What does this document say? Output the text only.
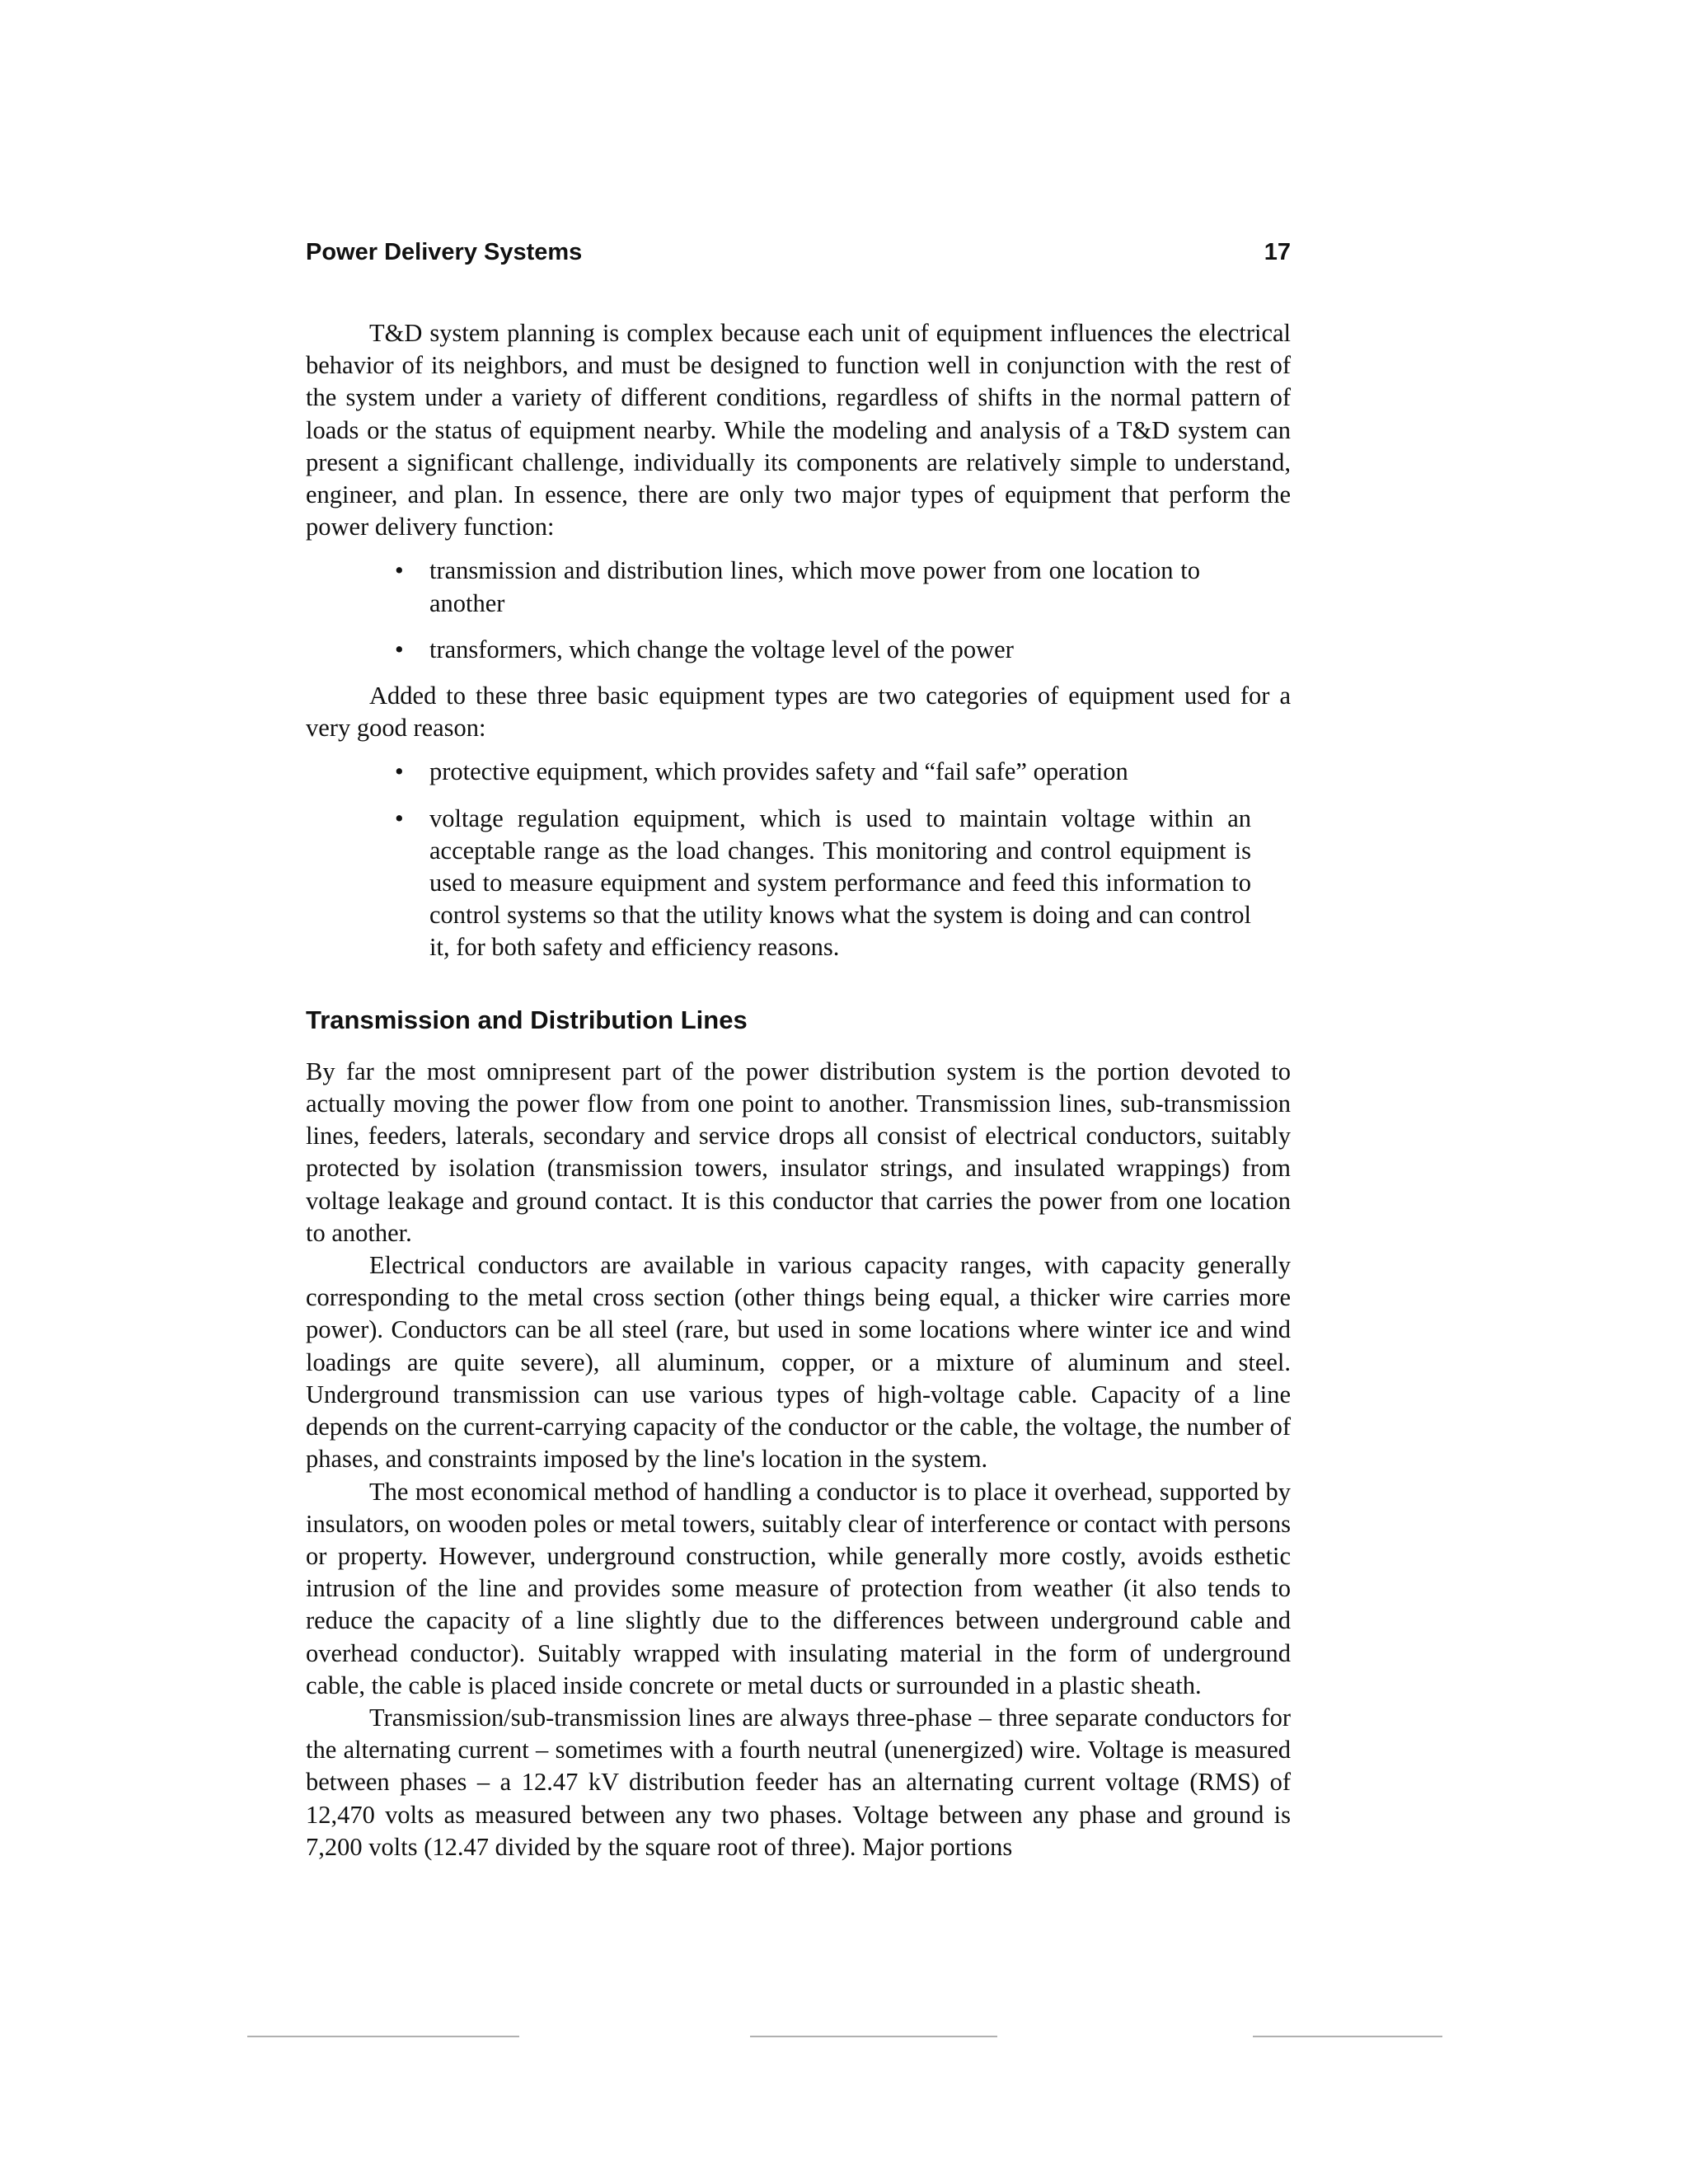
Power Delivery Systems	17

T&D system planning is complex because each unit of equipment influences the electrical behavior of its neighbors, and must be designed to function well in conjunction with the rest of the system under a variety of different conditions, regardless of shifts in the normal pattern of loads or the status of equipment nearby. While the modeling and analysis of a T&D system can present a significant challenge, individually its components are relatively simple to understand, engineer, and plan. In essence, there are only two major types of equipment that perform the power delivery function:

• transmission and distribution lines, which move power from one location to another
• transformers, which change the voltage level of the power

Added to these three basic equipment types are two categories of equipment used for a very good reason:

• protective equipment, which provides safety and “fail safe” operation
• voltage regulation equipment, which is used to maintain voltage within an acceptable range as the load changes. This monitoring and control equipment is used to measure equipment and system performance and feed this information to control systems so that the utility knows what the system is doing and can control it, for both safety and efficiency reasons.
Transmission and Distribution Lines

By far the most omnipresent part of the power distribution system is the portion devoted to actually moving the power flow from one point to another. Transmission lines, sub-transmission lines, feeders, laterals, secondary and service drops all consist of electrical conductors, suitably protected by isolation (transmission towers, insulator strings, and insulated wrappings) from voltage leakage and ground contact. It is this conductor that carries the power from one location to another.

Electrical conductors are available in various capacity ranges, with capacity generally corresponding to the metal cross section (other things being equal, a thicker wire carries more power). Conductors can be all steel (rare, but used in some locations where winter ice and wind loadings are quite severe), all aluminum, copper, or a mixture of aluminum and steel. Underground transmission can use various types of high-voltage cable. Capacity of a line depends on the current-carrying capacity of the conductor or the cable, the voltage, the number of phases, and constraints imposed by the line's location in the system.

The most economical method of handling a conductor is to place it overhead, supported by insulators, on wooden poles or metal towers, suitably clear of interference or contact with persons or property. However, underground construction, while generally more costly, avoids esthetic intrusion of the line and provides some measure of protection from weather (it also tends to reduce the capacity of a line slightly due to the differences between underground cable and overhead conductor). Suitably wrapped with insulating material in the form of underground cable, the cable is placed inside concrete or metal ducts or surrounded in a plastic sheath.

Transmission/sub-transmission lines are always three-phase – three separate conductors for the alternating current – sometimes with a fourth neutral (unenergized) wire. Voltage is measured between phases – a 12.47 kV distribution feeder has an alternating current voltage (RMS) of 12,470 volts as measured between any two phases. Voltage between any phase and ground is 7,200 volts (12.47 divided by the square root of three). Major portions
